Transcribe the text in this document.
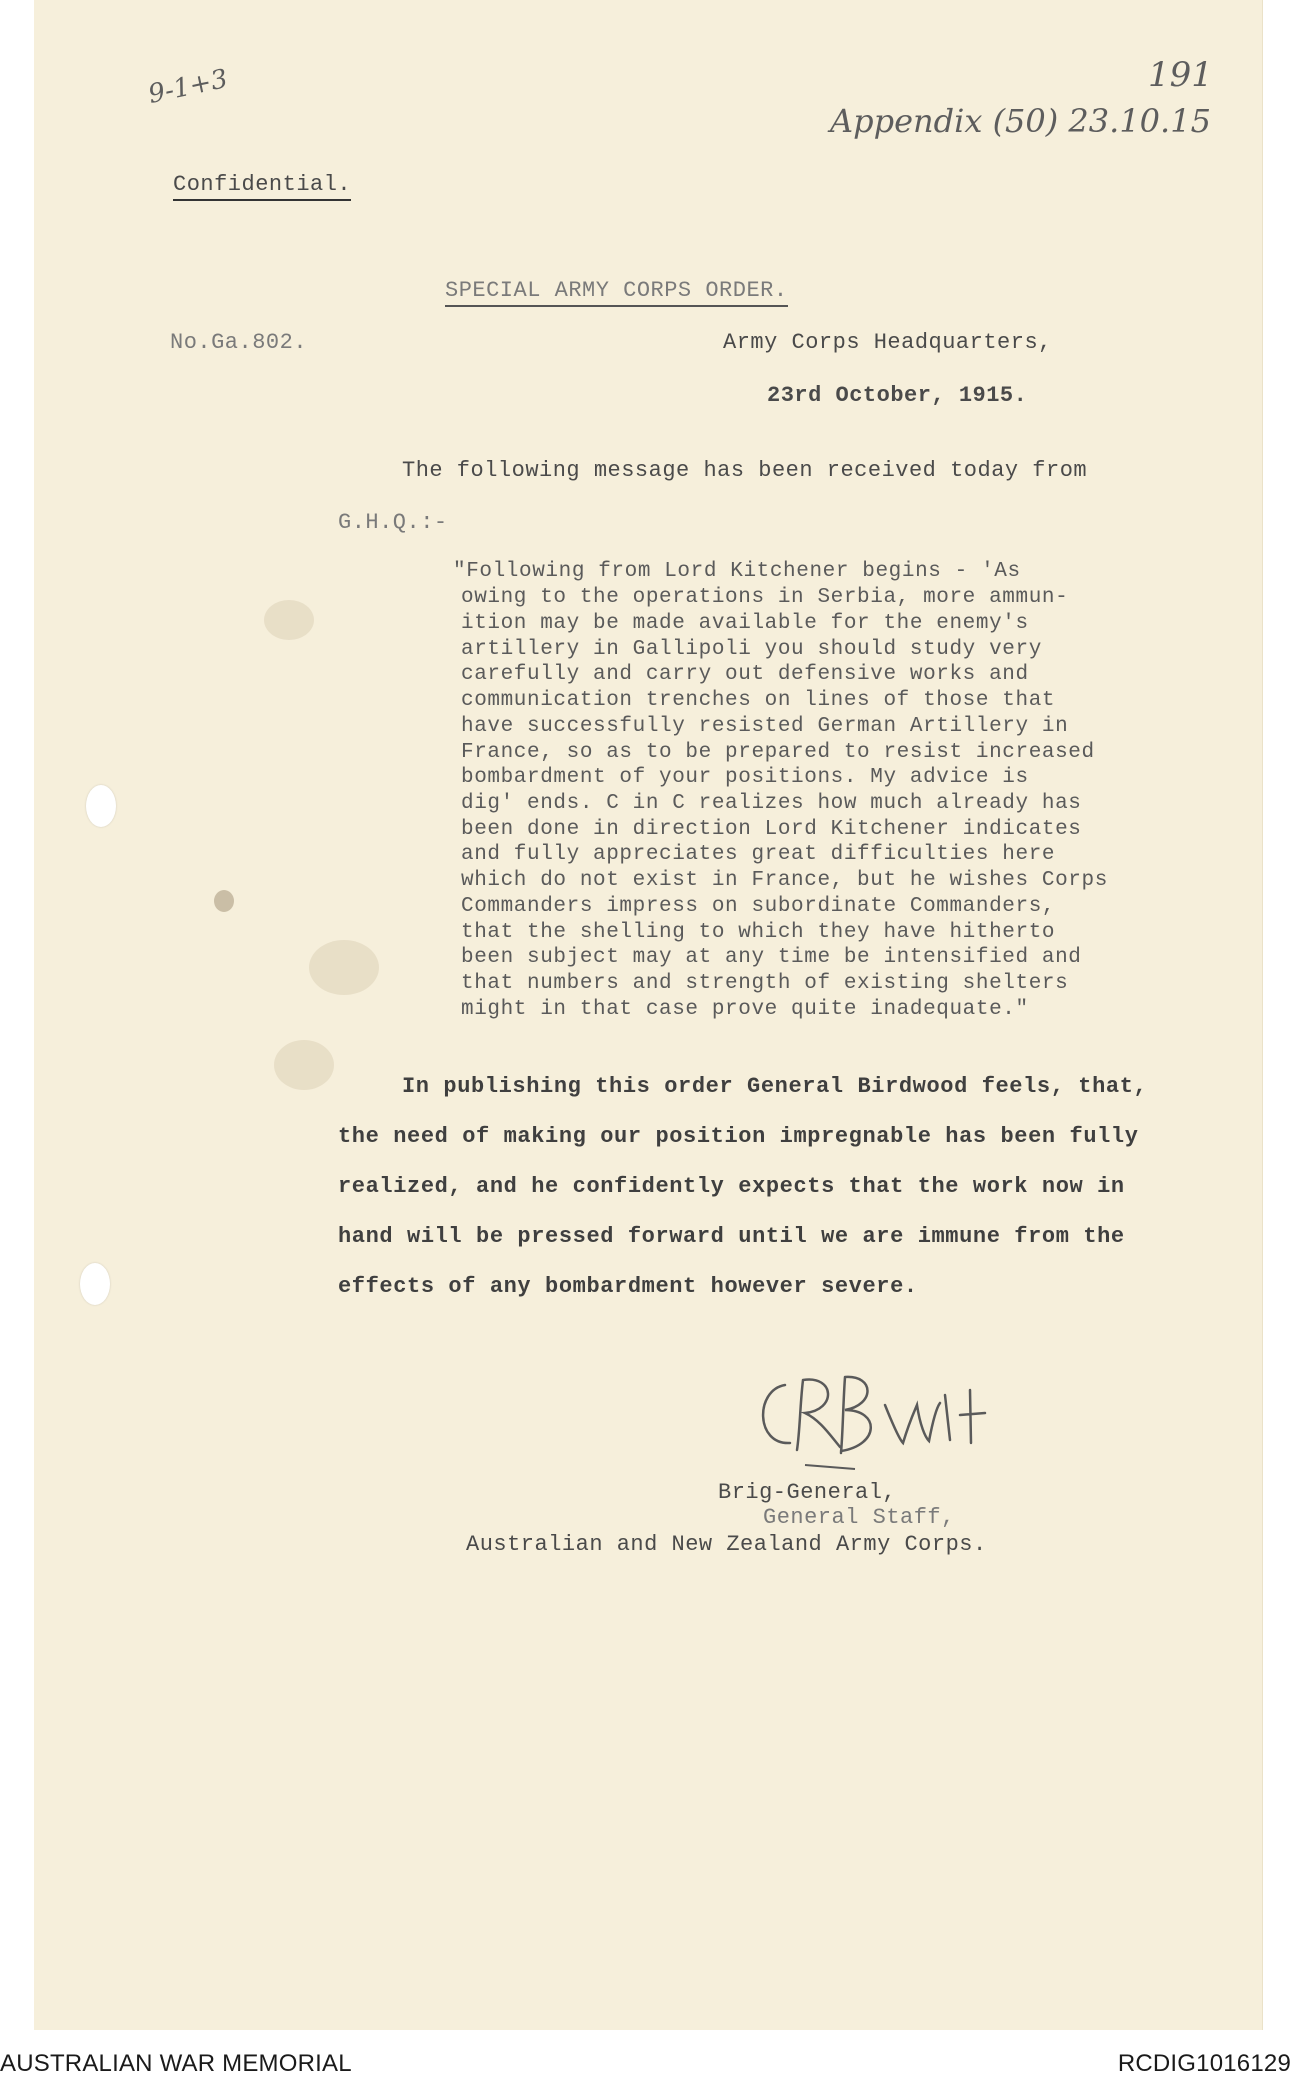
9-1+3
Appendix (50) 23.10.15
191
Confidential.
SPECIAL ARMY CORPS ORDER.
No.Ga.802.	Army Corps Headquarters,
23rd October, 1915.
The following message has been received today from
G.H.Q.:-
"Following from Lord Kitchener begins - 'As
owing to the operations in Serbia, more ammun-
ition may be made available for the enemy's
artillery in Gallipoli you should study very
carefully and carry out defensive works and
communication trenches on lines of those that
have successfully resisted German Artillery in
France, so as to be prepared to resist increased
bombardment of your positions. My advice is
dig' ends. C in C realizes how much already has
been done in direction Lord Kitchener indicates
and fully appreciates great difficulties here
which do not exist in France, but he wishes Corps
Commanders impress on subordinate Commanders,
that the shelling to which they have hitherto
been subject may at any time be intensified and
that numbers and strength of existing shelters
might in that case prove quite inadequate."
In publishing this order General Birdwood feels, that,
the need of making our position impregnable has been fully
realized, and he confidently expects that the work now in
hand will be pressed forward until we are immune from the
effects of any bombardment however severe.
Brig-General,
General Staff,
Australian and New Zealand Army Corps.
AUSTRALIAN WAR MEMORIAL	RCDIG1016129
